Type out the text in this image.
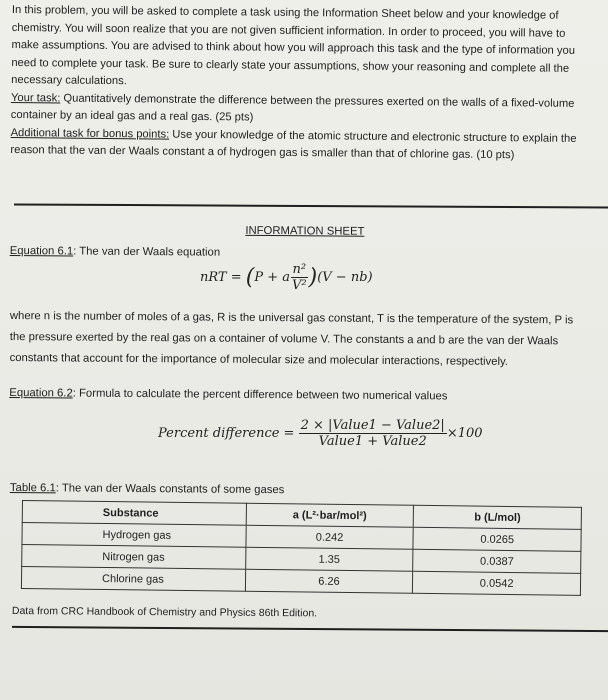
In this problem, you will be asked to complete a task using the Information Sheet below and your knowledge of

chemistry. You will soon realize that you are not given sufficient information. In order to proceed, you will have to

make assumptions. You are advised to think about how you will approach this task and the type of information you

need to complete your task. Be sure to clearly state your assumptions, show your reasoning and complete all the

necessary calculations.

Your task: Quantitatively demonstrate the difference between the pressures exerted on the walls of a fixed-volume

container by an ideal gas and a real gas. (25 pts)

Additional task for bonus points: Use your knowledge of the atomic structure and electronic structure to explain the

reason that the van der Waals constant a of hydrogen gas is smaller than that of chlorine gas. (10 pts)

INFORMATION SHEET
Equation 6.1: The van der Waals equation
nRT = (P + a $\frac{\text{n²}}{\text{V²}} )(V - nb)$
where n is the number of moles of a gas, R is the universal gas constant, T is the temperature of the system, P is
the pressure exerted by the real gas on a container of volume V. The constants a and b are the van der Waals
constants that account for the importance of molecular size and molecular interactions, respectively.
Equation 6.2: Formula to calculate the percent difference between two numerical values
Percent difference = $\frac{\text{2 × |Value1 − Value2|}}{\text{Value1 + Value2}} \times 100$
Table 6.1: The van der Waals constants of some gases
Substance	a (L²·bar/mol²)	b (L/mol)
Hydrogen gas	0.242	0.0265
Nitrogen gas	1.35	0.0387
Chlorine gas	6.26	0.0542
Data from CRC Handbook of Chemistry and Physics 86th Edition.
